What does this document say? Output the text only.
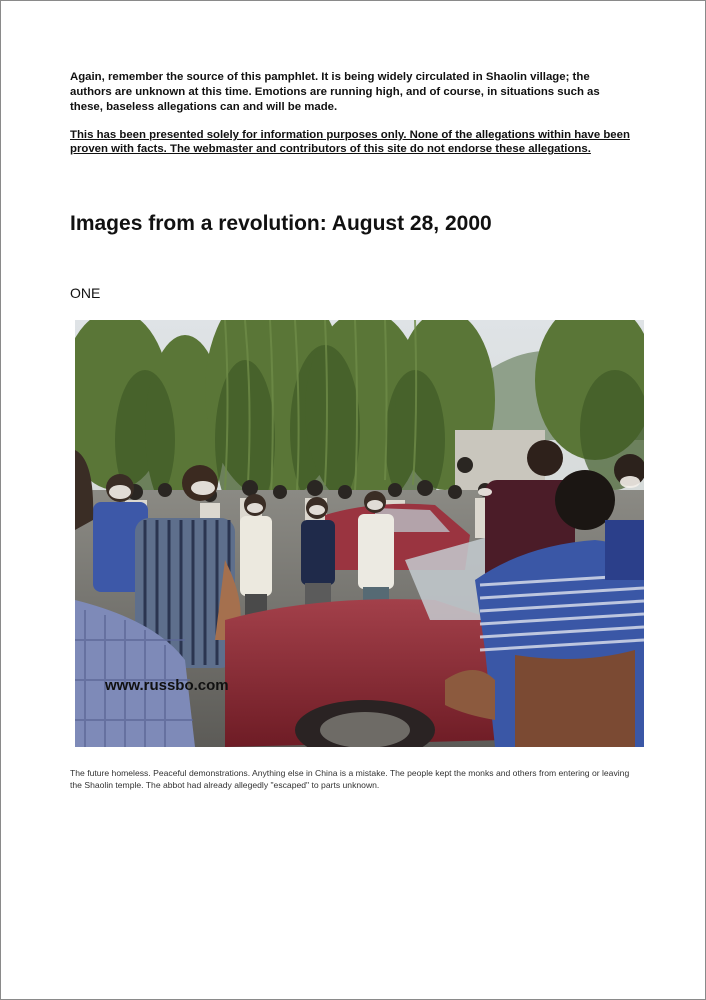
Again, remember the source of this pamphlet. It is being widely circulated in Shaolin village; the authors are unknown at this time. Emotions are running high, and of course, in situations such as these, baseless allegations can and will be made.

This has been presented solely for information purposes only. None of the allegations within have been proven with facts. The webmaster and contributors of this site do not endorse these allegations.

Images from a revolution: August 28, 2000

ONE

www.russbo.com

The future homeless. Peaceful demonstrations. Anything else in China is a mistake. The people kept the monks and others from entering or leaving the Shaolin temple. The abbot had already allegedly "escaped" to parts unknown.
